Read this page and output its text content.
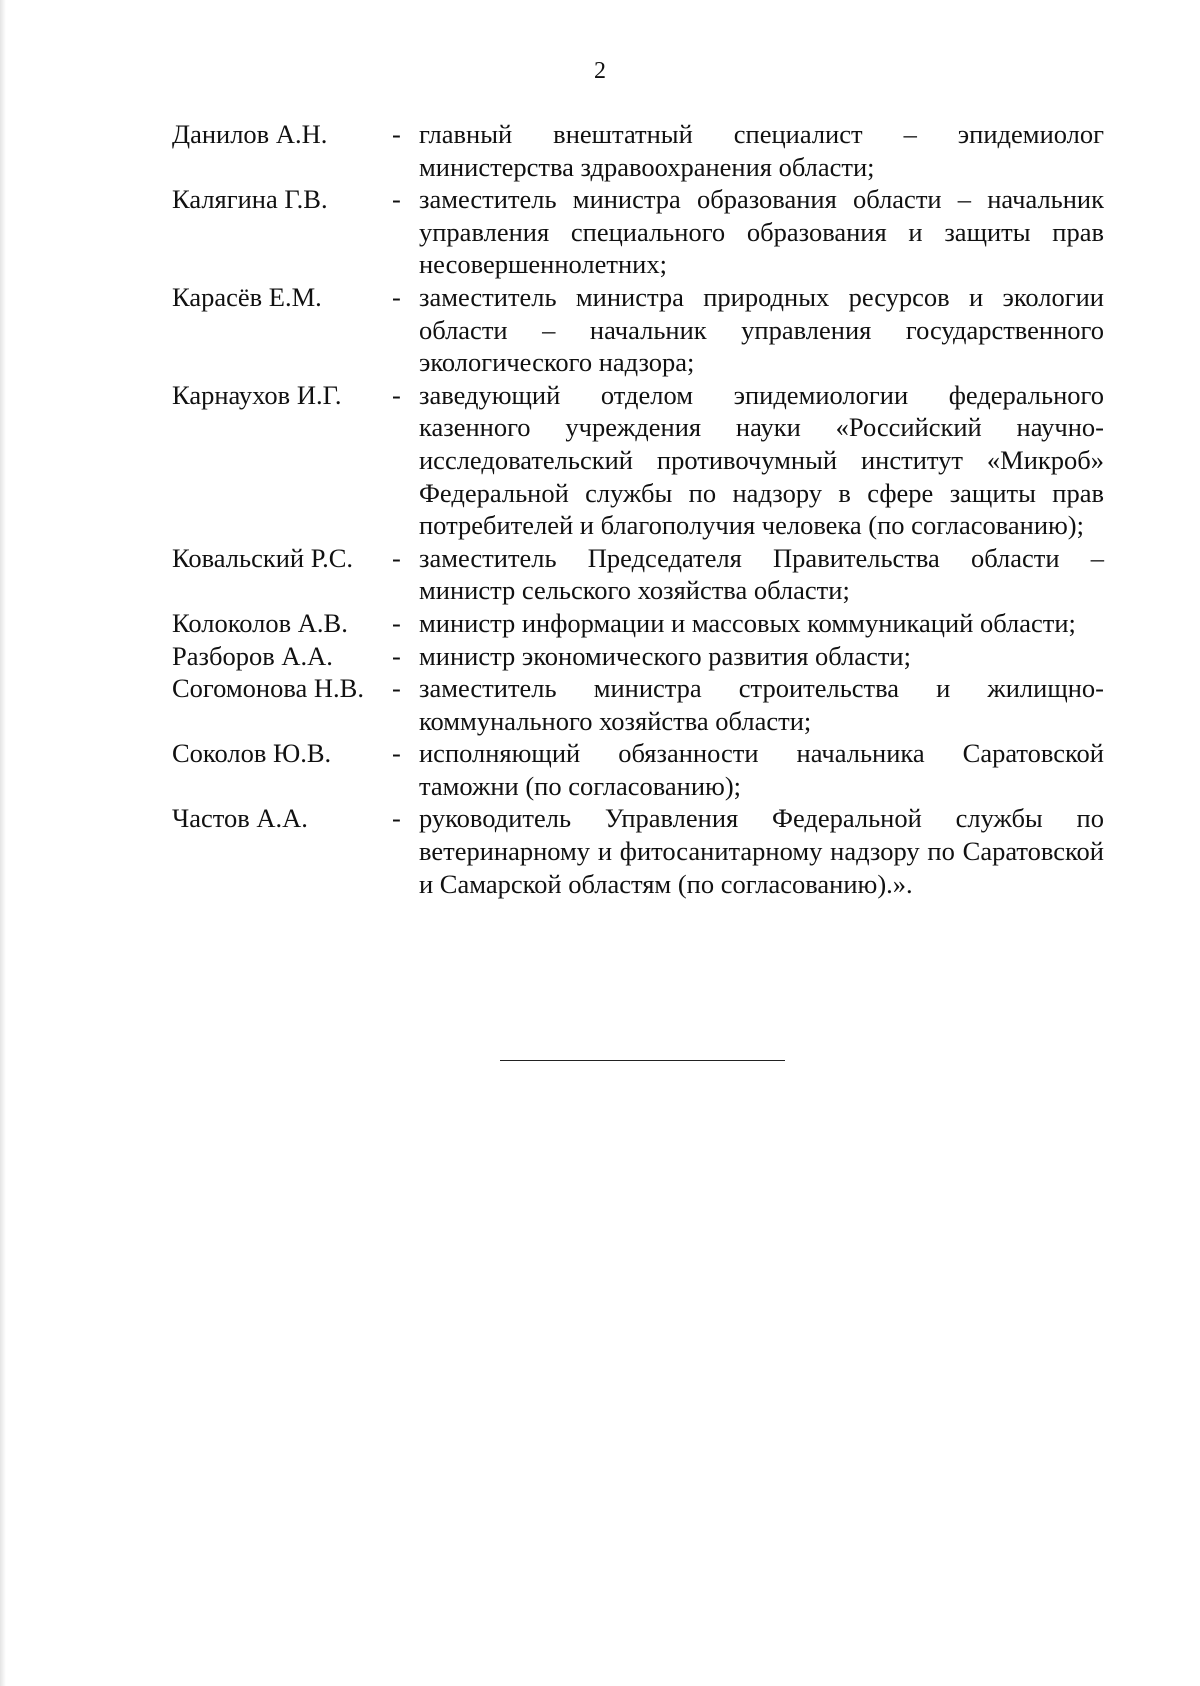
2
Данилов А.Н.	- главный внештатный специалист – эпидемиолог министерства здравоохранения области;
Калягина Г.В.	- заместитель министра образования области – начальник управления специального образования и защиты прав несовершеннолетних;
Карасёв Е.М.	- заместитель министра природных ресурсов и экологии области – начальник управления государственного экологического надзора;
Карнаухов И.Г.	- заведующий отделом эпидемиологии федерального казенного учреждения науки «Российский научно-исследовательский противочумный институт «Микроб» Федеральной службы по надзору в сфере защиты прав потребителей и благополучия человека (по согласованию);
Ковальский Р.С.	- заместитель Председателя Правительства области – министр сельского хозяйства области;
Колоколов А.В.	- министр информации и массовых коммуникаций области;
Разборов А.А.	- министр экономического развития области;
Согомонова Н.В.	- заместитель министра строительства и жилищно-коммунального хозяйства области;
Соколов Ю.В.	- исполняющий обязанности начальника Саратовской таможни (по согласованию);
Частов А.А.	- руководитель Управления Федеральной службы по ветеринарному и фитосанитарному надзору по Саратовской и Самарской областям (по согласованию).».
